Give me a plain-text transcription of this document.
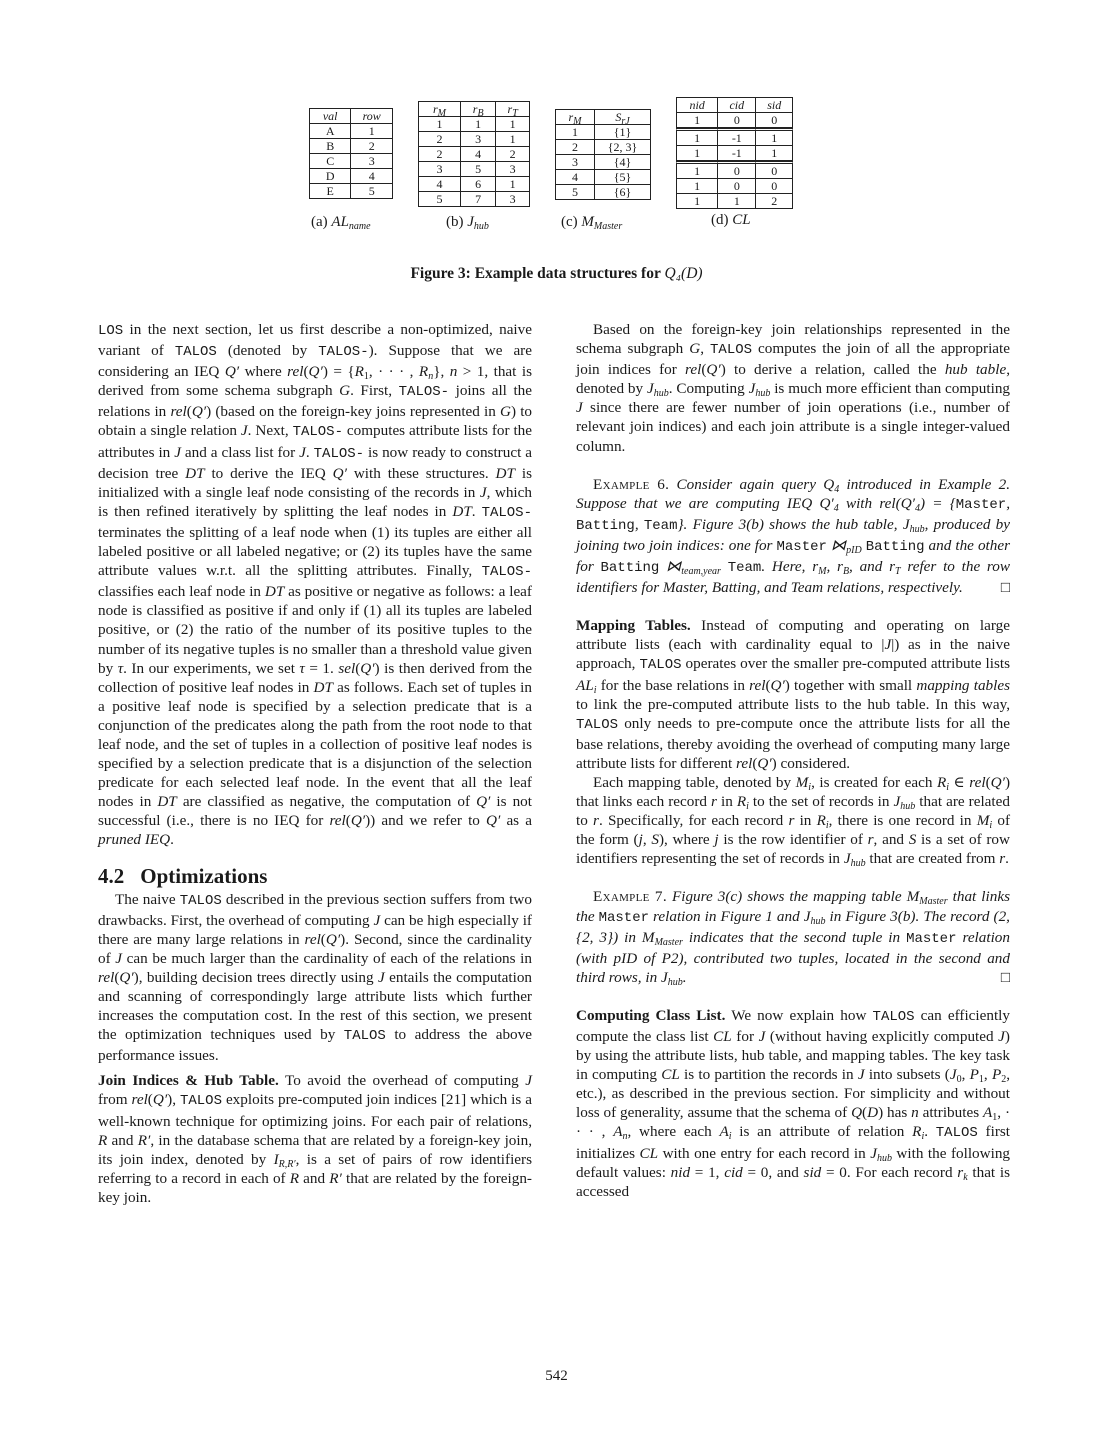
val	row
A	1
B	2
C	3
D	4
E	5
(a) $AL_{name}$
$r_M$	$r_B$	$r_T$
1	1	1
2	3	1
2	4	2
3	5	3
4	6	1
5	7	3
(b) $J_{hub}$
$r_M$	$S_{rJ}$
1	{1}
2	{2, 3}
3	{4}
4	{5}
5	{6}
(c) $M_{Master}$
nid	cid	sid
1	0	0
1	-1	1
1	-1	1
1	0	0
1	0	0
1	1	2
(d) CL
Figure 3: Example data structures for Q₄(D)

LOS in the next section, let us first describe a non-optimized, naive variant of TALOS (denoted by TALOS-). Suppose that we are considering an IEQ Q′ where $rel(Q') = \{R_1$, · · · , $R_n$}, n > 1, that is derived from some schema subgraph G. First, TALOS- joins all the relations in rel(Q′) (based on the foreign-key joins represented in G) to obtain a single relation J. Next, TALOS- computes attribute lists for the attributes in J and a class list for J. TALOS- is now ready to construct a decision tree DT to derive the IEQ Q′ with these structures. DT is initialized with a single leaf node consisting of the records in J, which is then refined iteratively by splitting the leaf nodes in DT. TALOS- terminates the splitting of a leaf node when (1) its tuples are either all labeled positive or all labeled negative; or (2) its tuples have the same attribute values w.r.t. all the splitting attributes. Finally, TALOS- classifies each leaf node in DT as positive or negative as follows: a leaf node is classified as positive if and only if (1) all its tuples are labeled positive, or (2) the ratio of the number of its positive tuples to the number of its negative tuples is no smaller than a threshold value given by τ. In our experiments, we set τ = 1. sel(Q′) is then derived from the collection of positive leaf nodes in DT as follows. Each set of tuples in a positive leaf node is specified by a selection predicate that is a conjunction of the predicates along the path from the root node to that leaf node, and the set of tuples in a collection of positive leaf nodes is specified by a selection predicate that is a disjunction of the selection predicate for each selected leaf node. In the event that all the leaf nodes in DT are classified as negative, the computation of Q′ is not successful (i.e., there is no IEQ for rel(Q′)) and we refer to Q′ as a pruned IEQ.

4.2 Optimizations

The naive TALOS described in the previous section suffers from two drawbacks. First, the overhead of computing J can be high especially if there are many large relations in rel(Q′). Second, since the cardinality of J can be much larger than the cardinality of each of the relations in rel(Q′), building decision trees directly using J entails the computation and scanning of correspondingly large attribute lists which further increases the computation cost. In the rest of this section, we present the optimization techniques used by TALOS to address the above performance issues.

Join Indices & Hub Table. To avoid the overhead of computing J from rel(Q′), TALOS exploits pre-computed join indices [21] which is a well-known technique for optimizing joins. For each pair of relations, R and R′, in the database schema that are related by a foreign-key join, its join index, denoted by $I_{R,R'}$, is a set of pairs of row identifiers referring to a record in each of R and R′ that are related by the foreign-key join.

Based on the foreign-key join relationships represented in the schema subgraph G, TALOS computes the join of all the appropriate join indices for rel(Q′) to derive a relation, called the hub table, denoted by $J_{hub}$. Computing $J_{hub}$ is much more efficient than computing J since there are fewer number of join operations (i.e., number of relevant join indices) and each join attribute is a single integer-valued column.

Example 6. Consider again query $Q_4$ introduced in Example 2. Suppose that we are computing IEQ $Q'_4$ with $rel(Q'_4)$ = {Master, Batting, Team}. Figure 3(b) shows the hub table, $J_{hub}$, produced by joining two join indices: one for Master $⋈_{pID}$ Batting and the other for Batting $⋈_{team,year}$ Team. Here, $r_M$, $r_B$, and $r_T$ refer to the row identifiers for Master, Batting, and Team relations, respectively.	□

Mapping Tables. Instead of computing and operating on large attribute lists (each with cardinality equal to |J|) as in the naive approach, TALOS operates over the smaller pre-computed attribute lists $AL_i$ for the base relations in rel(Q′) together with small mapping tables to link the pre-computed attribute lists to the hub table. In this way, TALOS only needs to pre-compute once the attribute lists for all the base relations, thereby avoiding the overhead of computing many large attribute lists for different rel(Q′) considered.

Each mapping table, denoted by $M_i$, is created for each $R_i$ ∈ rel(Q′) that links each record r in $R_i$ to the set of records in $J_{hub}$ that are related to r. Specifically, for each record r in $R_i$, there is one record in $M_i$ of the form (j, S), where j is the row identifier of r, and S is a set of row identifiers representing the set of records in $J_{hub}$ that are created from r.

Example 7. Figure 3(c) shows the mapping table $M_{Master}$ that links the Master relation in Figure 1 and $J_{hub}$ in Figure 3(b). The record (2, {2, 3}) in $M_{Master}$ indicates that the second tuple in Master relation (with pID of P2), contributed two tuples, located in the second and third rows, in $J_{hub}$.	□

Computing Class List. We now explain how TALOS can efficiently compute the class list CL for J (without having explicitly computed J) by using the attribute lists, hub table, and mapping tables. The key task in computing CL is to partition the records in J into subsets ($J_0$, $P_1$, $P_2$, etc.), as described in the previous section. For simplicity and without loss of generality, assume that the schema of Q(D) has n attributes $A_1$, · · · , $A_n$, where each $A_i$ is an attribute of relation $R_i$. TALOS first initializes CL with one entry for each record in $J_{hub}$ with the following default values: nid = 1, cid = 0, and sid = 0. For each record $r_k$ that is accessed

542
